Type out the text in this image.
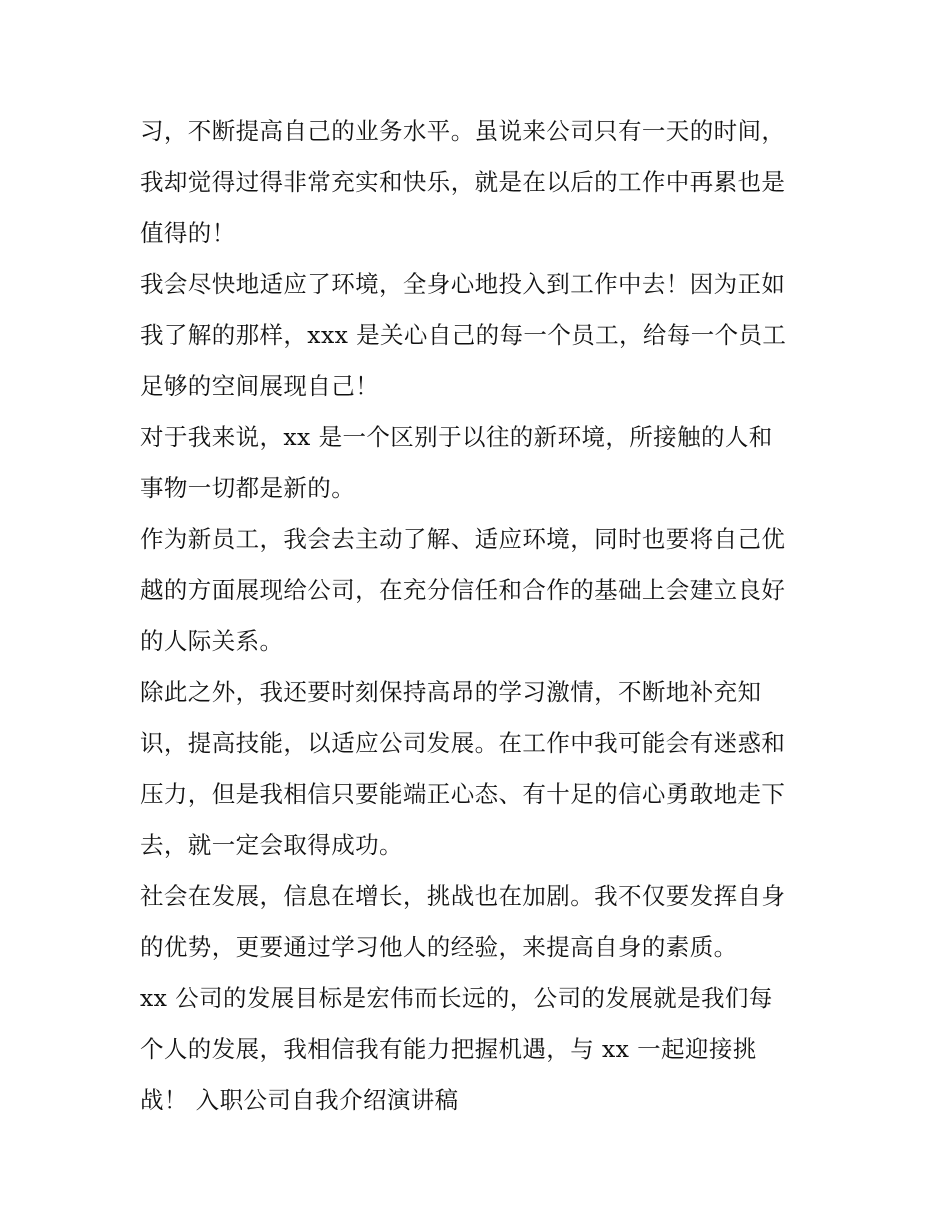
习，不断提高自己的业务水平。虽说来公司只有一天的时间，
我却觉得过得非常充实和快乐，就是在以后的工作中再累也是
值得的！
我会尽快地适应了环境，全身心地投入到工作中去！因为正如
我了解的那样，xxx 是关心自己的每一个员工，给每一个员工
足够的空间展现自己！
对于我来说，xx 是一个区别于以往的新环境，所接触的人和
事物一切都是新的。
作为新员工，我会去主动了解、适应环境，同时也要将自己优
越的方面展现给公司，在充分信任和合作的基础上会建立良好
的人际关系。
除此之外，我还要时刻保持高昂的学习激情，不断地补充知
识，提高技能，以适应公司发展。在工作中我可能会有迷惑和
压力，但是我相信只要能端正心态、有十足的信心勇敢地走下
去，就一定会取得成功。
社会在发展，信息在增长，挑战也在加剧。我不仅要发挥自身
的优势，更要通过学习他人的经验，来提高自身的素质。
xx 公司的发展目标是宏伟而长远的，公司的发展就是我们每
个人的发展，我相信我有能力把握机遇，与 xx 一起迎接挑
战！ 入职公司自我介绍演讲稿
